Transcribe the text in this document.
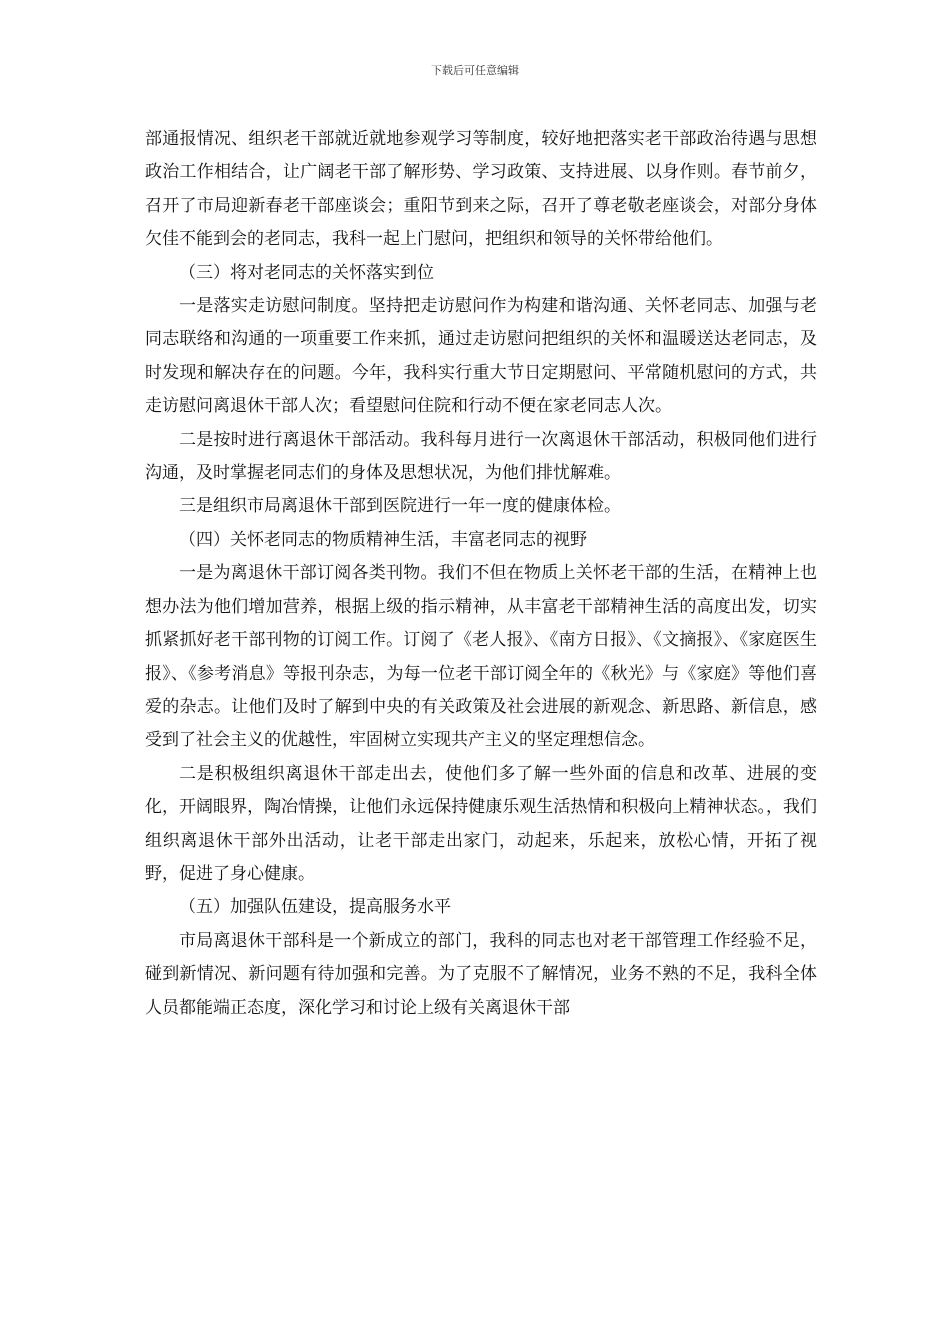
下载后可任意编辑

部通报情况、组织老干部就近就地参观学习等制度，较好地把落实老干部政治待遇与思想政治工作相结合，让广阔老干部了解形势、学习政策、支持进展、以身作则。春节前夕，召开了市局迎新春老干部座谈会；重阳节到来之际，召开了尊老敬老座谈会，对部分身体欠佳不能到会的老同志，我科一起上门慰问，把组织和领导的关怀带给他们。

（三）将对老同志的关怀落实到位

一是落实走访慰问制度。坚持把走访慰问作为构建和谐沟通、关怀老同志、加强与老同志联络和沟通的一项重要工作来抓，通过走访慰问把组织的关怀和温暖送达老同志，及时发现和解决存在的问题。今年，我科实行重大节日定期慰问、平常随机慰问的方式，共走访慰问离退休干部人次；看望慰问住院和行动不便在家老同志人次。

二是按时进行离退休干部活动。我科每月进行一次离退休干部活动，积极同他们进行沟通，及时掌握老同志们的身体及思想状况，为他们排忧解难。

三是组织市局离退休干部到医院进行一年一度的健康体检。

（四）关怀老同志的物质精神生活，丰富老同志的视野

一是为离退休干部订阅各类刊物。我们不但在物质上关怀老干部的生活，在精神上也想办法为他们增加营养，根据上级的指示精神，从丰富老干部精神生活的高度出发，切实抓紧抓好老干部刊物的订阅工作。订阅了《老人报》、《南方日报》、《文摘报》、《家庭医生报》、《参考消息》等报刊杂志，为每一位老干部订阅全年的《秋光》与《家庭》等他们喜爱的杂志。让他们及时了解到中央的有关政策及社会进展的新观念、新思路、新信息，感受到了社会主义的优越性，牢固树立实现共产主义的坚定理想信念。

二是积极组织离退休干部走出去，使他们多了解一些外面的信息和改革、进展的变化，开阔眼界，陶冶情操，让他们永远保持健康乐观生活热情和积极向上精神状态。，我们组织离退休干部外出活动，让老干部走出家门，动起来，乐起来，放松心情，开拓了视野，促进了身心健康。

（五）加强队伍建设，提高服务水平

市局离退休干部科是一个新成立的部门，我科的同志也对老干部管理工作经验不足，碰到新情况、新问题有待加强和完善。为了克服不了解情况，业务不熟的不足，我科全体人员都能端正态度，深化学习和讨论上级有关离退休干部
